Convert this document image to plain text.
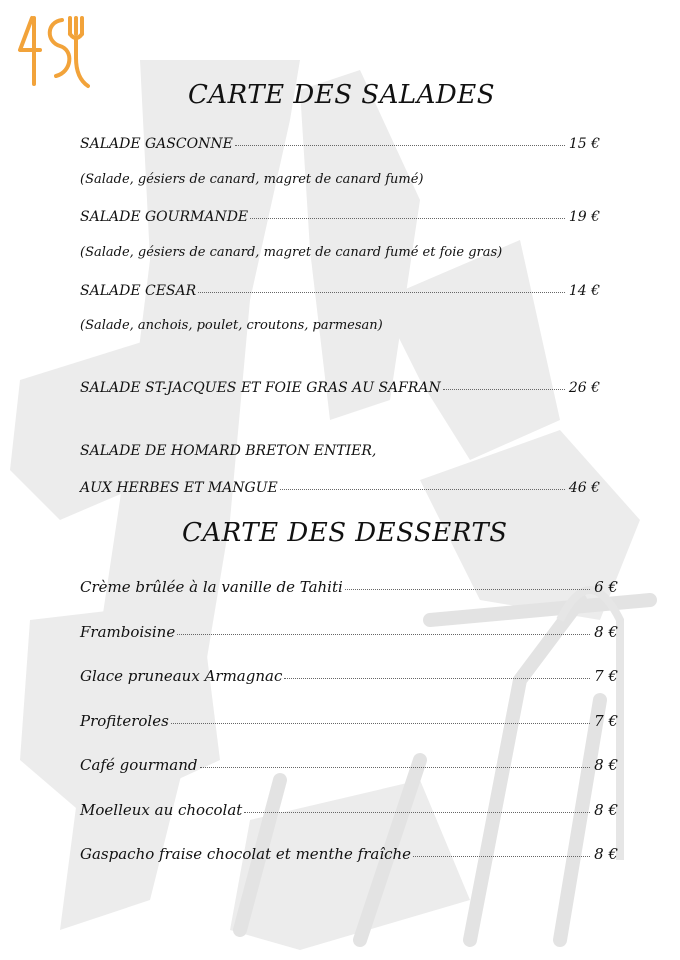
CARTE DES SALADES
SALADE GASCONNE	15 €
(Salade, gésiers de canard, magret de canard fumé)
SALADE GOURMANDE	19 €
(Salade, gésiers de canard, magret de canard fumé et foie gras)
SALADE CESAR	14 €
(Salade, anchois, poulet, croutons, parmesan)
SALADE ST-JACQUES ET FOIE GRAS AU SAFRAN	26 €
SALADE DE HOMARD BRETON ENTIER,
AUX HERBES ET MANGUE	46 €
CARTE DES DESSERTS
Crème brûlée à la vanille de Tahiti	6 €
Framboisine	8 €
Glace pruneaux Armagnac	7 €
Profiteroles	7 €
Café gourmand	8 €
Moelleux au chocolat	8 €
Gaspacho fraise chocolat et menthe fraîche	8 €
